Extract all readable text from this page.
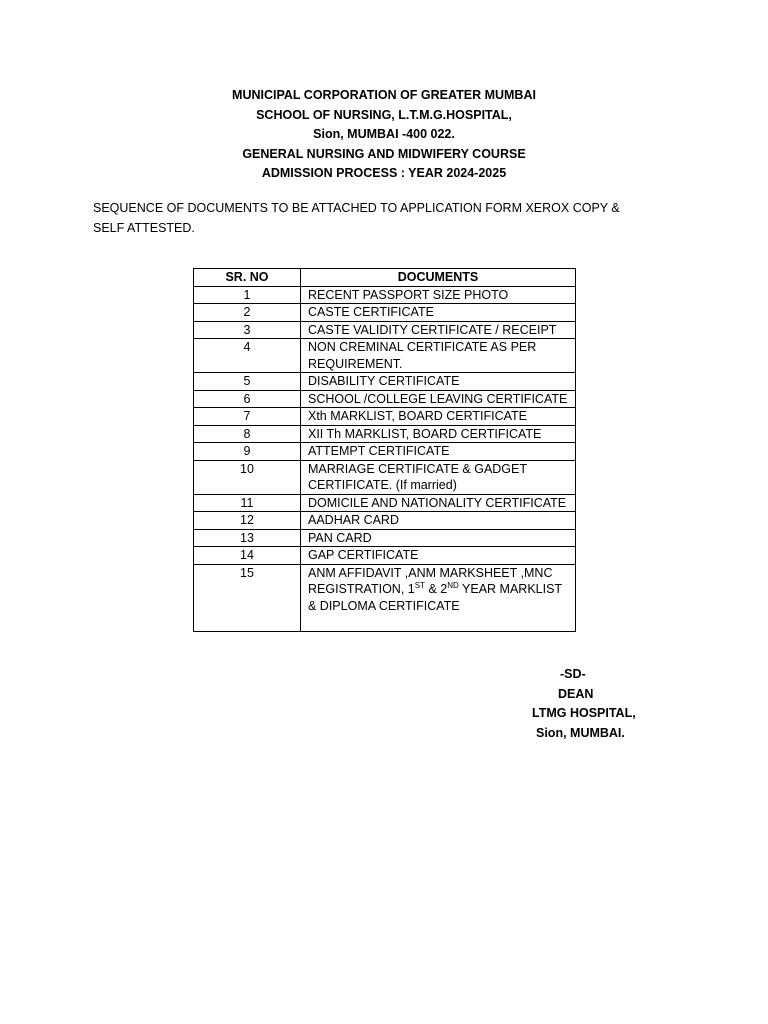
MUNICIPAL CORPORATION OF GREATER MUMBAI
SCHOOL OF NURSING, L.T.M.G.HOSPITAL,
Sion, MUMBAI -400 022.
GENERAL NURSING AND MIDWIFERY COURSE
ADMISSION PROCESS : YEAR 2024-2025
SEQUENCE OF DOCUMENTS TO BE ATTACHED TO APPLICATION FORM XEROX COPY & SELF ATTESTED.
SR. NO	DOCUMENTS
1	RECENT PASSPORT SIZE PHOTO
2	CASTE CERTIFICATE
3	CASTE VALIDITY CERTIFICATE / RECEIPT
4	NON CREMINAL CERTIFICATE AS PER REQUIREMENT.
5	DISABILITY CERTIFICATE
6	SCHOOL /COLLEGE LEAVING CERTIFICATE
7	Xth MARKLIST, BOARD CERTIFICATE
8	XII Th MARKLIST, BOARD CERTIFICATE
9	ATTEMPT CERTIFICATE
10	MARRIAGE CERTIFICATE & GADGET CERTIFICATE. (If married)
11	DOMICILE AND NATIONALITY CERTIFICATE
12	AADHAR CARD
13	PAN CARD
14	GAP CERTIFICATE
15	ANM AFFIDAVIT ,ANM MARKSHEET ,MNC REGISTRATION, 1ST & 2ND YEAR MARKLIST & DIPLOMA CERTIFICATE

-SD-
DEAN
LTMG HOSPITAL,
Sion, MUMBAI.
